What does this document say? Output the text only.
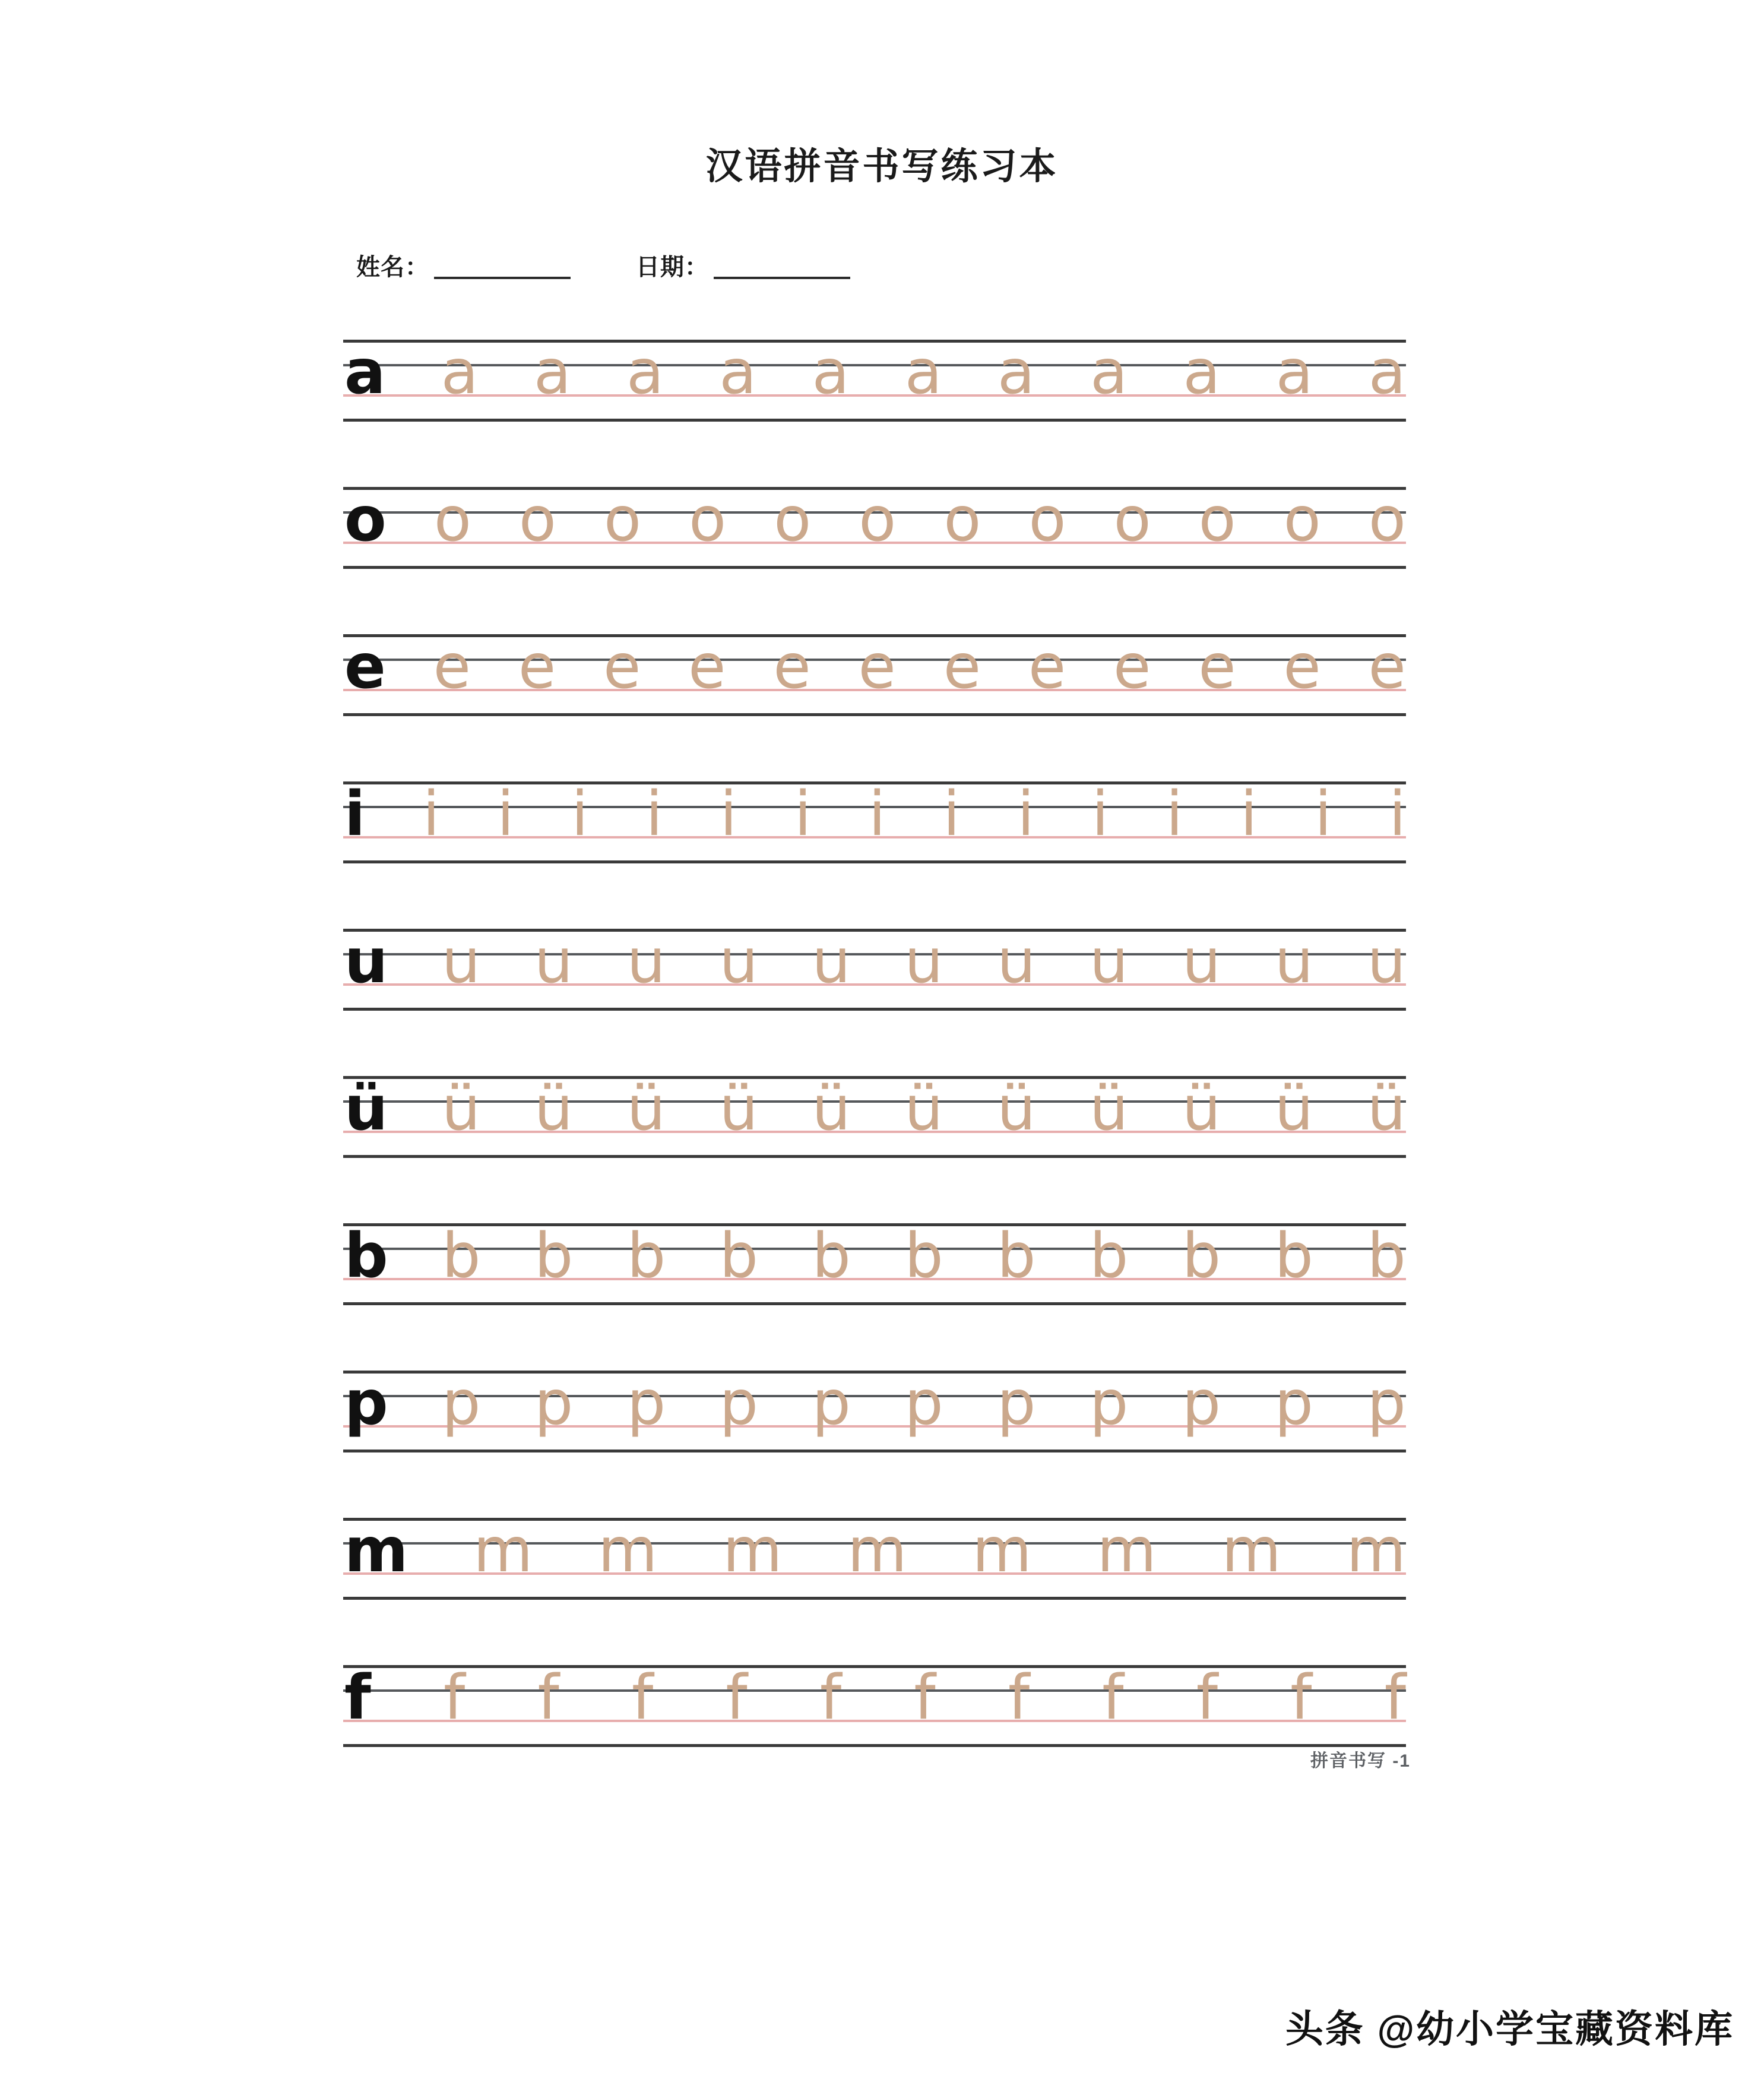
汉语拼音书写练习本
姓名：	日期：
a a a a a a a a a a a a
o o o o o o o o o o o o o
e e e e e e e e e e e e e
i i i i i i i i i i i i i i i
u u u u u u u u u u u u
ü ü ü ü ü ü ü ü ü ü ü ü
b b b b b b b b b b b b
p p p p p p p p p p p p
m m m m m m m m m
f f f f f f f f f f f f
拼音书写 -1
头条 @幼小学宝藏资料库
